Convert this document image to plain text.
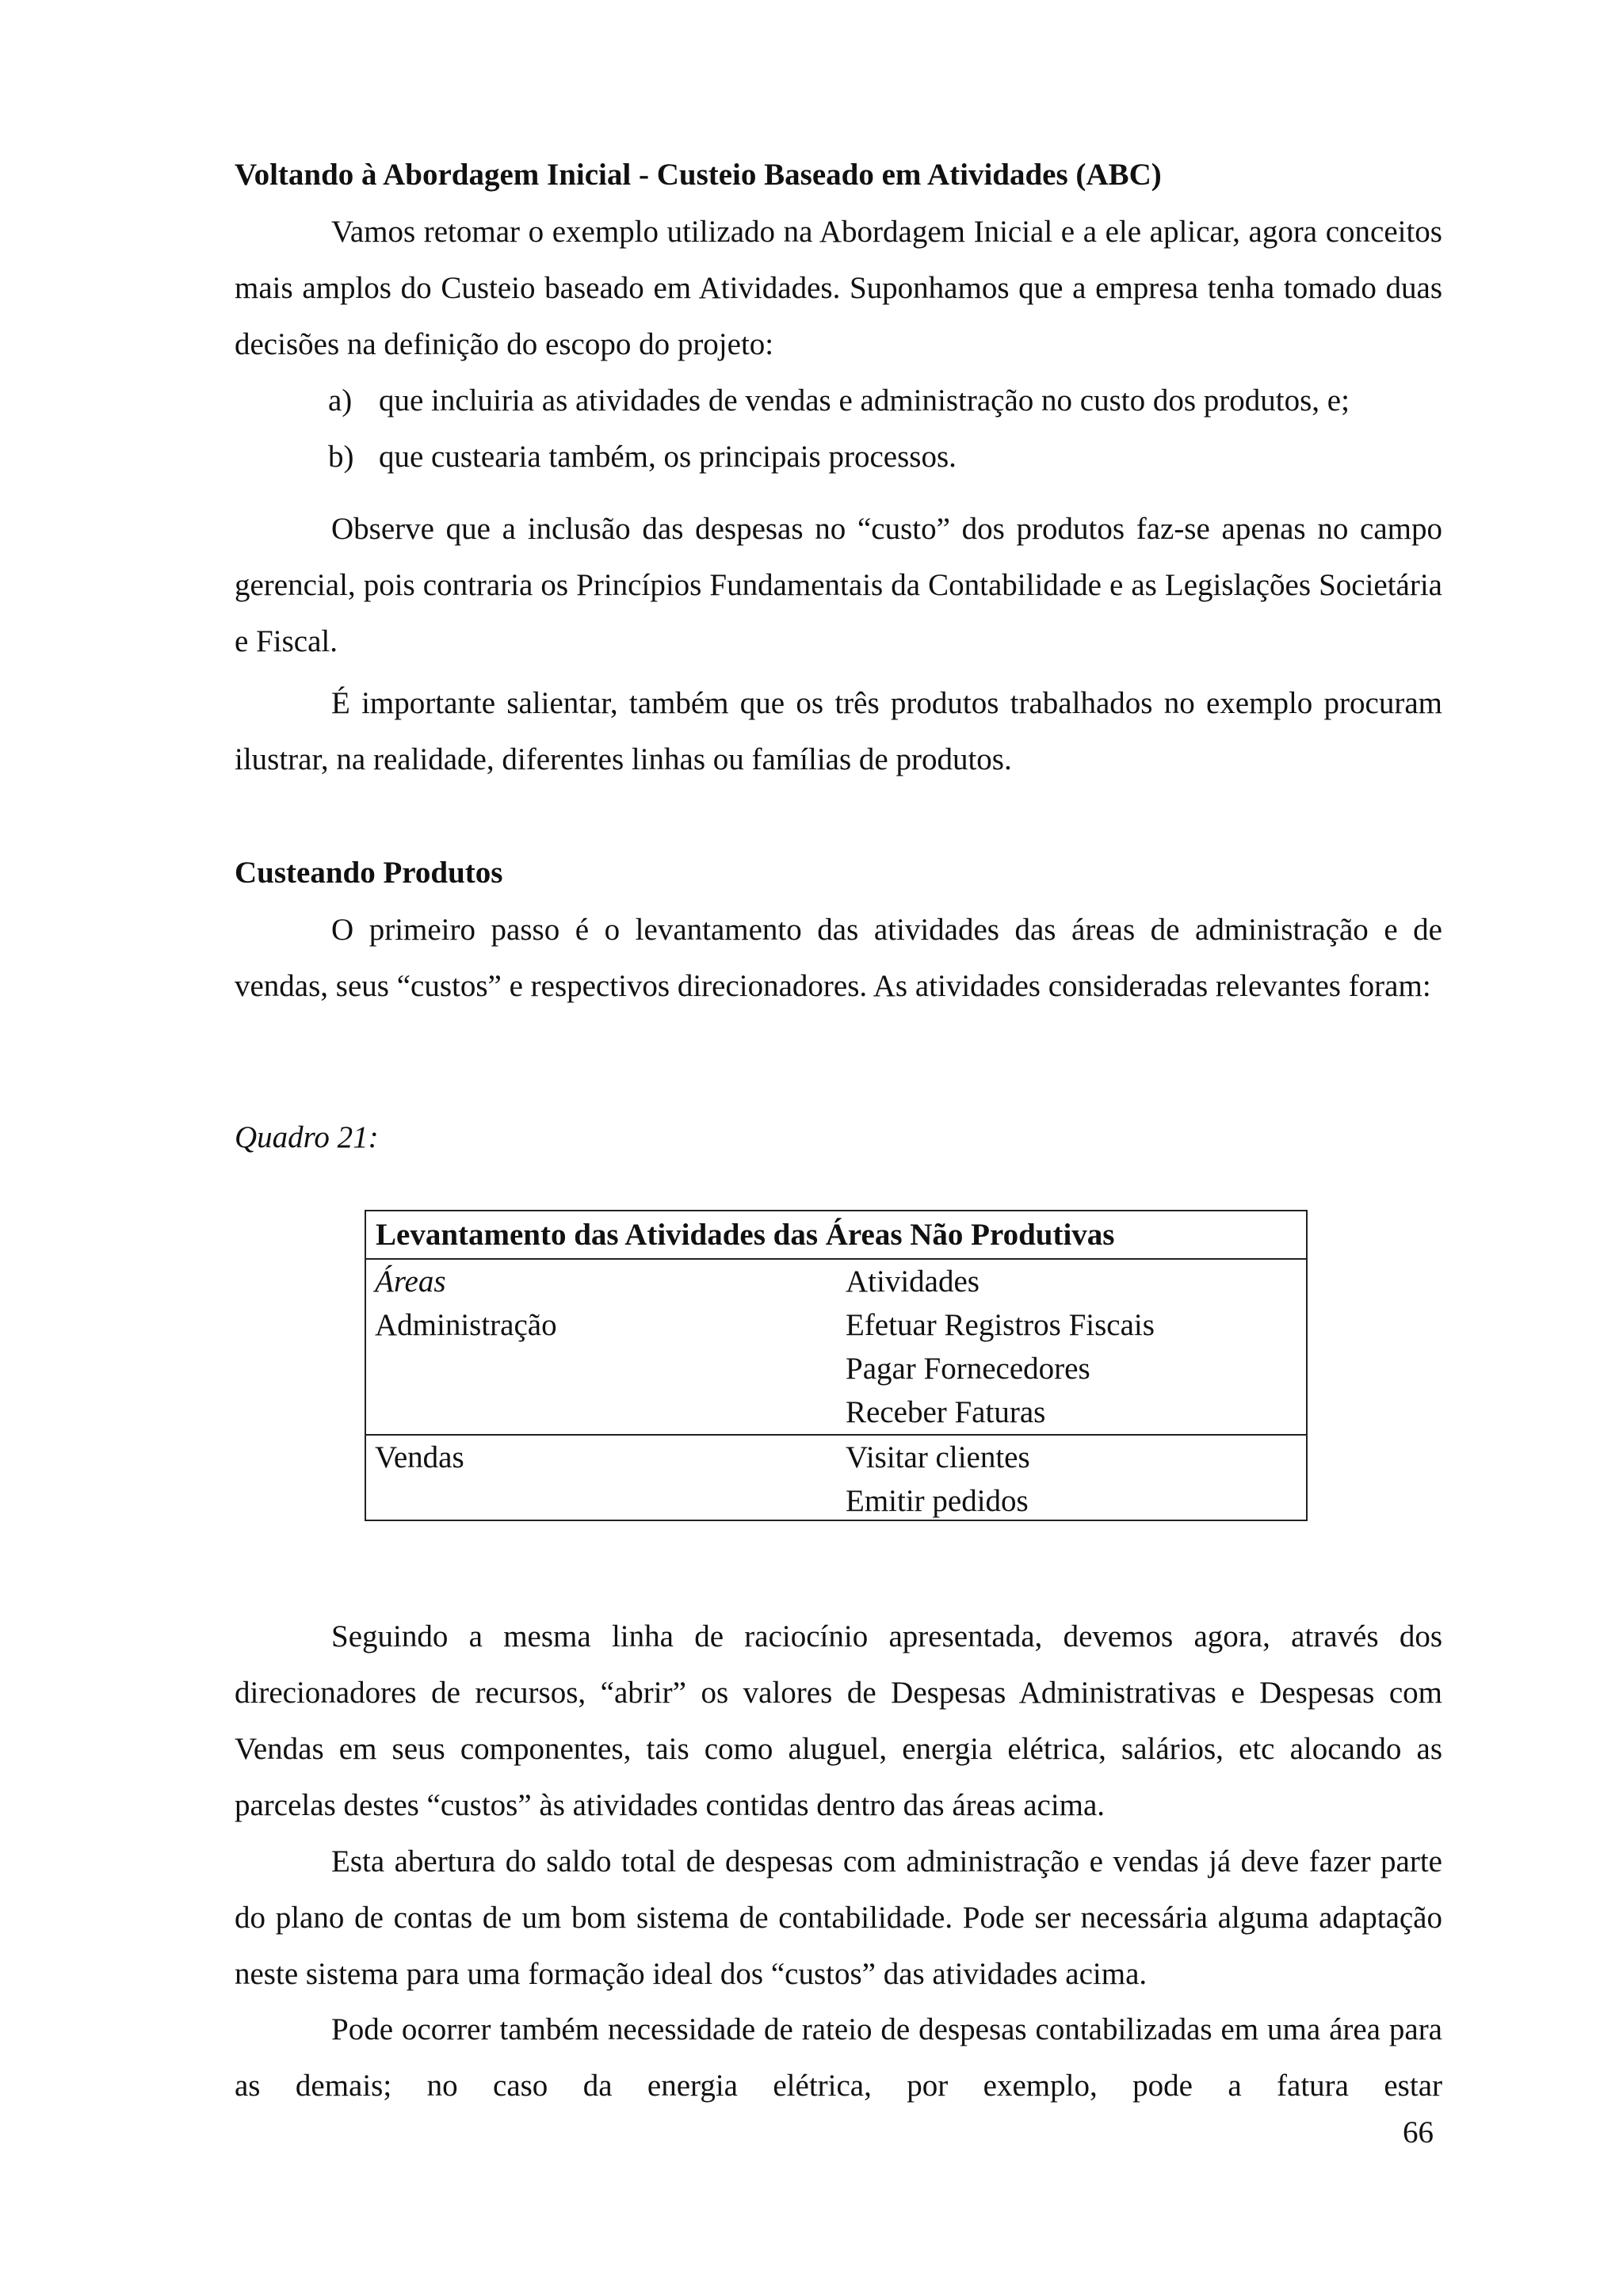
Voltando à Abordagem Inicial - Custeio Baseado em Atividades (ABC)

Vamos retomar o exemplo utilizado na Abordagem Inicial e a ele aplicar, agora conceitos mais amplos do Custeio baseado em Atividades. Suponhamos que a empresa tenha tomado duas decisões na definição do escopo do projeto:

a) que incluiria as atividades de vendas e administração no custo dos produtos, e;
b) que custearia também, os principais processos.

Observe que a inclusão das despesas no “custo” dos produtos faz-se apenas no campo gerencial, pois contraria os Princípios Fundamentais da Contabilidade e as Legislações Societária e Fiscal.

É importante salientar, também que os três produtos trabalhados no exemplo procuram ilustrar, na realidade, diferentes linhas ou famílias de produtos.

Custeando Produtos

O primeiro passo é o levantamento das atividades das áreas de administração e de vendas, seus “custos” e respectivos direcionadores. As atividades consideradas relevantes foram:

Quadro 21:
Levantamento das Atividades das Áreas Não Produtivas	
Áreas	Atividades
Administração	Efetuar Registros Fiscais
	Pagar Fornecedores
	Receber Faturas
Vendas	Visitar clientes
	Emitir pedidos

Seguindo a mesma linha de raciocínio apresentada, devemos agora, através dos direcionadores de recursos, “abrir” os valores de Despesas Administrativas e Despesas com Vendas em seus componentes, tais como aluguel, energia elétrica, salários, etc alocando as parcelas destes “custos” às atividades contidas dentro das áreas acima.

Esta abertura do saldo total de despesas com administração e vendas já deve fazer parte do plano de contas de um bom sistema de contabilidade. Pode ser necessária alguma adaptação neste sistema para uma formação ideal dos “custos” das atividades acima.

Pode ocorrer também necessidade de rateio de despesas contabilizadas em uma área para as demais; no caso da energia elétrica, por exemplo, pode a fatura estar

66
